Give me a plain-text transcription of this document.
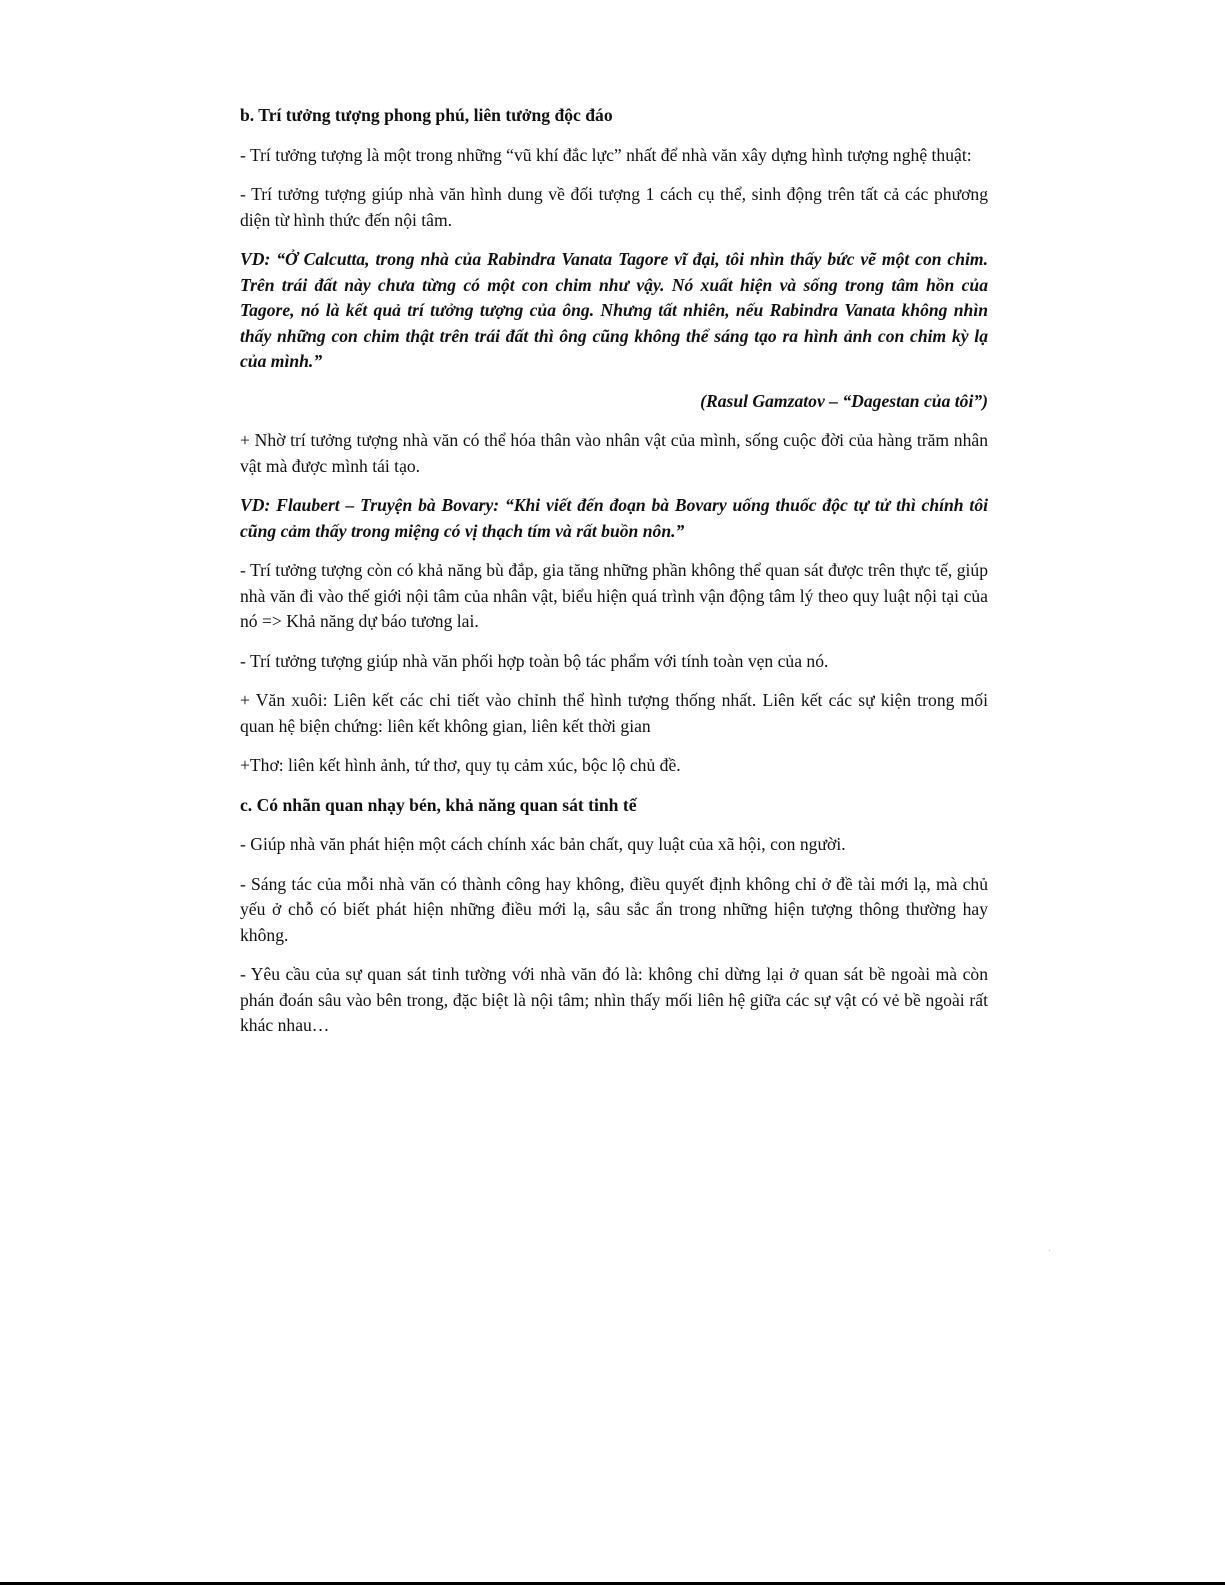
b. Trí tưởng tượng phong phú, liên tưởng độc đáo

- Trí tưởng tượng là một trong những “vũ khí đắc lực” nhất để nhà văn xây dựng hình tượng nghệ thuật:

- Trí tưởng tượng giúp nhà văn hình dung về đối tượng 1 cách cụ thể, sinh động trên tất cả các phương diện từ hình thức đến nội tâm.

VD: “Ở Calcutta, trong nhà của Rabindra Vanata Tagore vĩ đại, tôi nhìn thấy bức vẽ một con chim. Trên trái đất này chưa từng có một con chim như vậy. Nó xuất hiện và sống trong tâm hồn của Tagore, nó là kết quả trí tưởng tượng của ông. Nhưng tất nhiên, nếu Rabindra Vanata không nhìn thấy những con chim thật trên trái đất thì ông cũng không thể sáng tạo ra hình ảnh con chim kỳ lạ của mình.”

(Rasul Gamzatov – “Dagestan của tôi”)

+ Nhờ trí tưởng tượng nhà văn có thể hóa thân vào nhân vật của mình, sống cuộc đời của hàng trăm nhân vật mà được mình tái tạo.

VD: Flaubert – Truyện bà Bovary: “Khi viết đến đoạn bà Bovary uống thuốc độc tự tử thì chính tôi cũng cảm thấy trong miệng có vị thạch tím và rất buồn nôn.”

- Trí tưởng tượng còn có khả năng bù đắp, gia tăng những phần không thể quan sát được trên thực tế, giúp nhà văn đi vào thế giới nội tâm của nhân vật, biểu hiện quá trình vận động tâm lý theo quy luật nội tại của nó => Khả năng dự báo tương lai.

- Trí tưởng tượng giúp nhà văn phối hợp toàn bộ tác phẩm với tính toàn vẹn của nó.

+ Văn xuôi: Liên kết các chi tiết vào chỉnh thể hình tượng thống nhất. Liên kết các sự kiện trong mối quan hệ biện chứng: liên kết không gian, liên kết thời gian

+Thơ: liên kết hình ảnh, tứ thơ, quy tụ cảm xúc, bộc lộ chủ đề.

c. Có nhãn quan nhạy bén, khả năng quan sát tinh tế

- Giúp nhà văn phát hiện một cách chính xác bản chất, quy luật của xã hội, con người.

- Sáng tác của mỗi nhà văn có thành công hay không, điều quyết định không chỉ ở đề tài mới lạ, mà chủ yếu ở chỗ có biết phát hiện những điều mới lạ, sâu sắc ẩn trong những hiện tượng thông thường hay không.

- Yêu cầu của sự quan sát tinh tường với nhà văn đó là: không chỉ dừng lại ở quan sát bề ngoài mà còn phán đoán sâu vào bên trong, đặc biệt là nội tâm; nhìn thấy mối liên hệ giữa các sự vật có vẻ bề ngoài rất khác nhau…
